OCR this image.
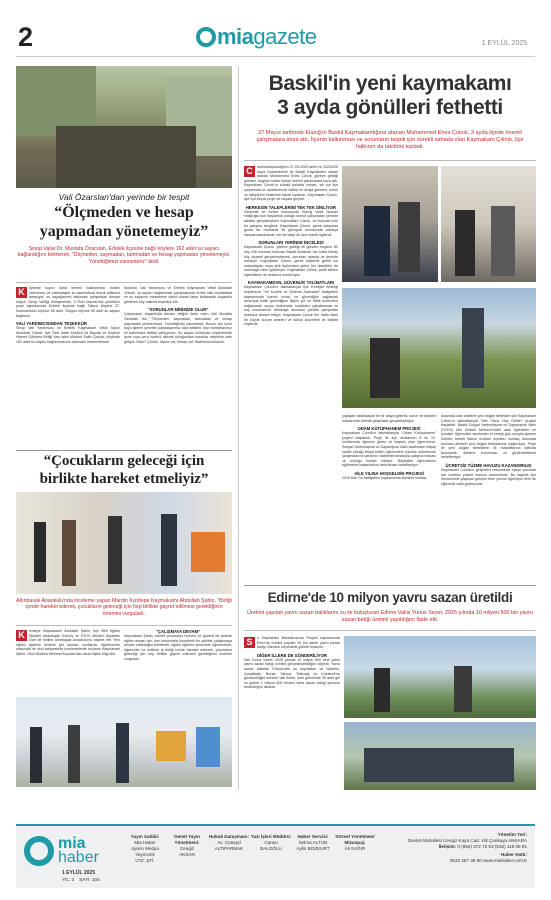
2	mia gazete	1 EYLÜL 2025
Vali Özarslan'dan yerinde bir tespit
“Ölçmeden ve hesap
yapmadan yönetemeyiz”
Sinop Valisi Dr. Mustafa Özarslan, Erfelek ilçesine bağlı köylere 162 adet su sayacı bağlandığını belirterek, “Ölçmeden, saymadan, tartmadan ve hesap yapmadan yönetemeyiz. Yönettiğimizi zannederiz” dedi.
K	öylerde suyun daha verimli kullanılması, israfın önlenmesi ve vatandaşlar su tasarrufuna teşvik edilmesi amacıyla, su sayaçlarının takılması çalışmaları devam ediyor. Sinop Valiliği himayesinde, İl Özel İdaresi'nce yürütülen proje kapsamında Erfelek ilçesine bağlı Tatlıca köyüne 37, Kazmaoluklu köyüne 65 adet, Sorgun köyüne 60 adet su sayacı bağlandı.
VALİ YARDIMCISINDAN TEŞEKKÜR
Sinop Vali Yardımcısı ve Erfelek Kaymakam Vekili Sayın Abdullah Yüksel, İlçe Özel İdare Müdürü Ali Bayrak ve Köylere Hizmet Götürme Birliği Yazı İşleri Müdürü Salih Çinkılıç, köylerde 162 adet su sayacı bağlanmasının ardından incelemelerde
bulundu. Vali Yardımcısı ve Erfelek Kaymakam Vekili Abdullah Yüksel, su sayacı bağlanması çalışmasında örnek olan muhtarlara ve su sayacını meskenine istekli olarak takıp kullanarak duyarlılık gösteren köy halkına teşekkür etti.
“SORUNLAR MİNİMİZE OLUR”
Çalışmaları duyarlılıkla devam ettiğini ifade eden Vali Mustafa Özarslan ise, “Ölçmeden, saymadan, tartmadan ve hesap yapmadan yönetemeyiz. Yönettiğimizi zannederiz. Bunun için içme suyu işlerini yöneten paydaşlarımız olan birlikler, köy muhtarlarımız ve halkımızla birlikte çalışıyoruz. Su sayacı kullanılan köylerimizde içme suyu arızı kontrol altında olduğundan sorunlar minimize hale geliyor. Nicin? Çünkü, ölçme var, hesap var” ifadelerini kullandı.
“Çocukların geleceği için
birlikte hareket etmeliyiz”
Altınbasak Anaokulu'nda inceleme yapan Mardin Kızıltepe Kaymakamı Abdullah Şahin, "Birliği içinde hareket ederek, çocukların geleceği için hep birlikte gayret edilmesi gerektiğinin önemini vurguladı.
K	ızıltepe Kaymakamı Abdullah Şahin, İlçe Milli Eğitim Müdürü Abdulkadir Gümüş ve SYDV Müdürü Alaaddin Özel ile birlikte Altınbaşak Anaokulu'nu ziyaret etti. Yeni eğitim öğretim dönemi için okulda; sınıflarda, öğretmenler odasında ve okul bahçesinde incelemelerde bulunan Kaymakam Şahin, Okul Müdürü Mehmet Koçhan'dan okula ilişkin bilgi aldı.
“ÇALIŞMAYA DEVAM”
Kaymakam Şahin, kameli çocukların huzurlu ve güvenli bir şekilde eğitim alması için tüm kurumlarla koordineli bir şekilde çalışılmaya devam edileceğini belirterek, eğitim öğretim sürecinde öğretmenler, öğrenciler ve velilerle iş birliği içinde hareket edilerek, çocukların geleceği için hep birlikte gayret edilmesi gerektiğinin önemini vurguladı.
Baskil'in yeni kaymakamı
3 ayda gönülleri fethetti
27 Mayıs tarihinde Elazığ'ın Baskil Kaymakamlığına atanan Muhammed Enes Çıknık, 3 ayda ilçede önemli çalışmalara imza attı. İlçenin kalkınması ve sorunların tespiti için sürekli sahada olan Kaymakam Çıknık, ilçe halkının da takdirini topladı.
C	umhurbaşkanlığının 27.05.2025 tarihi ve 2025/205 sayılı Kararnamesi ile Baskil Kaymakamı olarak atanan Muhammed Enes Çıknık, göreve geldiği günden, bugüne kadar ilçede önemli çalışmalara imza attı. Kaymakam Çıknık'ın sürekli sahada olması, sık sık ilçe çarşısında ve caddelerinde halkla bir araya gelmesi, sorun ve taleplerini dinlemesi takdir toplandı. Kaymakam Çıknık, ilçe için birçok proje de hayata geçirdi.
HERKESİN TALEPLERİNİ TEK TEK DİNLİYOR
Karyorlar ve turizm konusunda Elazığ Valisi Numan Hatipoğlu'nun başlatmış olduğu somut çalışmaları yerinde takibini gerçekleştiren Kaymakam Çıknık, bu konuda hızlı bir çalışma sergiledi. Kaymakam Çıknık, gerek vatandaş gerek ise muhtarlar ile görüşme konusunda oldukça hassas davranarak, her bir talep ile özel olarak ilgilendi.
SORUNLARI YERİNDE İNCELEDİ
Kaymakam Çıknık, göreve geldiği ilk günden bugüne 62 köy 246 mezrası bulunan Baskil ilçesinde her hafta birkaç köy ziyareti gerçekleştirerek, sorunları alanda ve yerinde inceliyor. Kaymakam Çıknık, gerek köylerde gerek ise vatandaşları veya sivil toplumdan gelen her davetlere de katılmaya özen gösteriyor. Kaymakam Çıknık, şehit aileleri ziyaretlerini de aralıksız sürdürüyor.
KAYMAKAMDAN, GÜVENLİK TALİMATLARI
Kaymakam Çıknık'ın talimatlarıyla İlçe Emniyet Amirliği ekiplerince “Yol Kontrol ve Önleme Aramaları” faaliyetleri kapsamında ilçenin huzur ve güvenliğini sağlamak amacıyla trafik güvenliğine ilişkin yol ve trafik kontrolleri sağlanarak, suçun önlenmesi, suçluların yakalanması ve suç unsurlarının ablukaya alınması yönelik çalışmalar aralıksız devam ediyor. Kaymakam Çıknık her hafta farklı bir köyde kurum amirleri ve kolluk kuvvetleri ile birlikte köylerde
yaşayan vatandaşlar ile bir araya gelerek, sorun ve talepler noktasında önemli çalışmalar gerçekleştiriyor.
ODAM KÜTÜPHANEM PROJESİ
Kaymakam Çıknık'ın talimatlarıyla “Odam Kütüphanem” projesi başlatıldı. Proje ile ilçe okullarının 8 ve 12. sınıflarında öğrenim gören ve başarılı olan öğrencilere, Sosyal Yardımlaşma ve Dayanışma Vakfı tarafından ihtiyaç sahibi olduğu tespit edilen öğrencilere hazırlık döneminde çalışmalarına yardımcı olabilmek amacıyla çalışma masası ve koltuğu hediye ediliyor. Böylelikle öğrencilerin eğitimlede başarılarının arttırılması hedefleniyor.
AİLE YILINA HOŞGELDİN PROJESİ
2025 Aile Yılı faaliyetleri kapsamında ilçedeki muhtaç
durumda olan ailelerin yeni doğan bebekleri için Kaymakam Çıknık'ın talimatlarıyla "Aile Yılına Hoş Geldin" projesi başlatıldı. Baskil Sosyal Yardımlaşma ve Dayanışma Vakfı (SYDV) Aile Destek Merkezi'ndeki usta öğreticiler ve kursiyer öğrencileri tarafından el emeği göz nuruyla işlenen ürünler, bebek bakım ürünleri ilçedeki muhtaç durumda bulunan ailelerin yeni doğan bebeklerine ulaştırılıyor. Proje ile yeni doğan bebeklerin ilk masraflarına katkıda bulunarak, ailelerin korunması ve güçlendirilmesi hedefleniyor.
ÜCRETSİZ YÜZME HAVUZU KAZANDIRILDI
Kaymakam Çıknık'ın girişimleri neticesinde ilçeye çocuklar için ücretsiz yüzme havuzu kazandırıldı. Bu sayede ilçe merkezinde yaşayan gençler hem yüzme öğreniyor hem de eğlenceli vakit geçiriyorlar.
Edirne'de 10 milyon yavru sazan üretildi
Üretimi yapılan yavru sazan balıklarını su ile buluşturan Edirne Valisi Yunus Sezer, 2025 yılında 10 milyon 500 bin yavru sazan balığı üretimi yapıldığını ifade etti.
S	u Kaynakları Balıklandırma Projesi kapsamında Enez'de üretimi yapılan 30 bin adete yavru sazan balığı Osmanlı köyündeki göllete bırakıldı.
DİĞER İLLERE DE GÖNDERİLİYOR
Vali Yunus Sezer, 2025 yılında 10 milyon 500 bine yakın yavru sazan balığı üretimi gerçekleştirildiğini söyledi. Yavru sazan balıkları Edirne'deki su kaynakları ve İstanbul, Çanakkale, Bursa, Yalova, Tekirdağ ve Kırklareli'ne gönderildiğini belirten Vali Sezer, kent genelinde 35 adet göl ve gölete 1 milyon 600 binden fazla sazan balığı yavrusu bırakıldığını aktardı.
mia
haber
1 EYLÜL 2025
YIL: 2 SAYI: 104
Yayın Sahibi:
Mia Haber
Ajansı Medya
Yayıncılık
LTD. ŞTİ.
Genel Yayın Yönetmeni:
Cengiz
AKSAN
Hukuk Danışmanı:
Av. Cüneyd
ALTIPARMAK
Yazı İşleri Müdürü:
Cansu
BALOĞLU
Haber Servisi:
Selma ALTUN
Aylin BOZKURT
Görsel Yönetmen/ Mizanpaj:
Ali SAĞIR
Yönetim Yeri:
Devlet Mahallesi Cengiz Kaya Cad. 1/8 Çankaya ANKARA
İletişim: 0 (850) 372 72 63 (532) 115 08 91
Haber Hattı:
0532 287 38 90 www.miahaber.com.tr
